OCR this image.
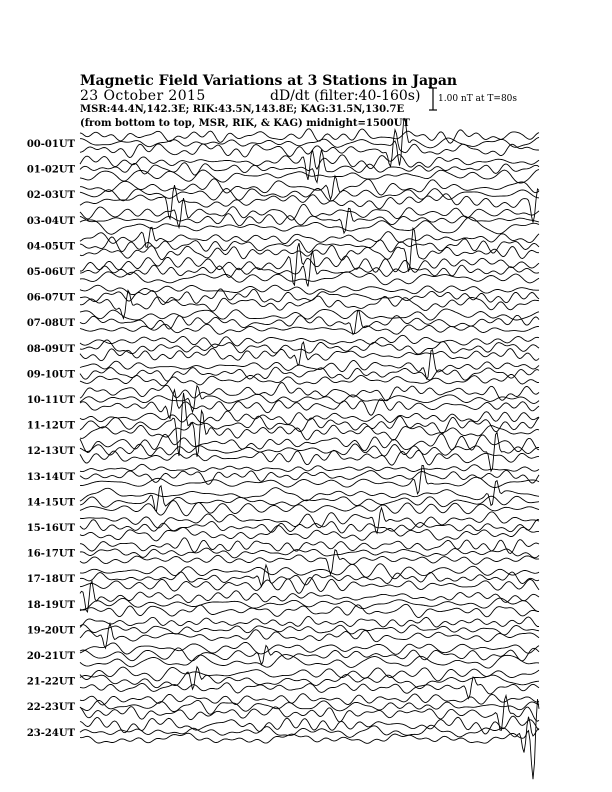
Magnetic Field Variations at 3 Stations in Japan
23 October 2015	dD/dt (filter:40-160s)
MSR:44.4N,142.3E; RIK:43.5N,143.8E; KAG:31.5N,130.7E
(from bottom to top, MSR, RIK, & KAG) midnight=1500UT
1.00 nT at T=80s
00-01UT
01-02UT
02-03UT
03-04UT
04-05UT
05-06UT
06-07UT
07-08UT
08-09UT
09-10UT
10-11UT
11-12UT
12-13UT
13-14UT
14-15UT
15-16UT
16-17UT
17-18UT
18-19UT
19-20UT
20-21UT
21-22UT
22-23UT
23-24UT
